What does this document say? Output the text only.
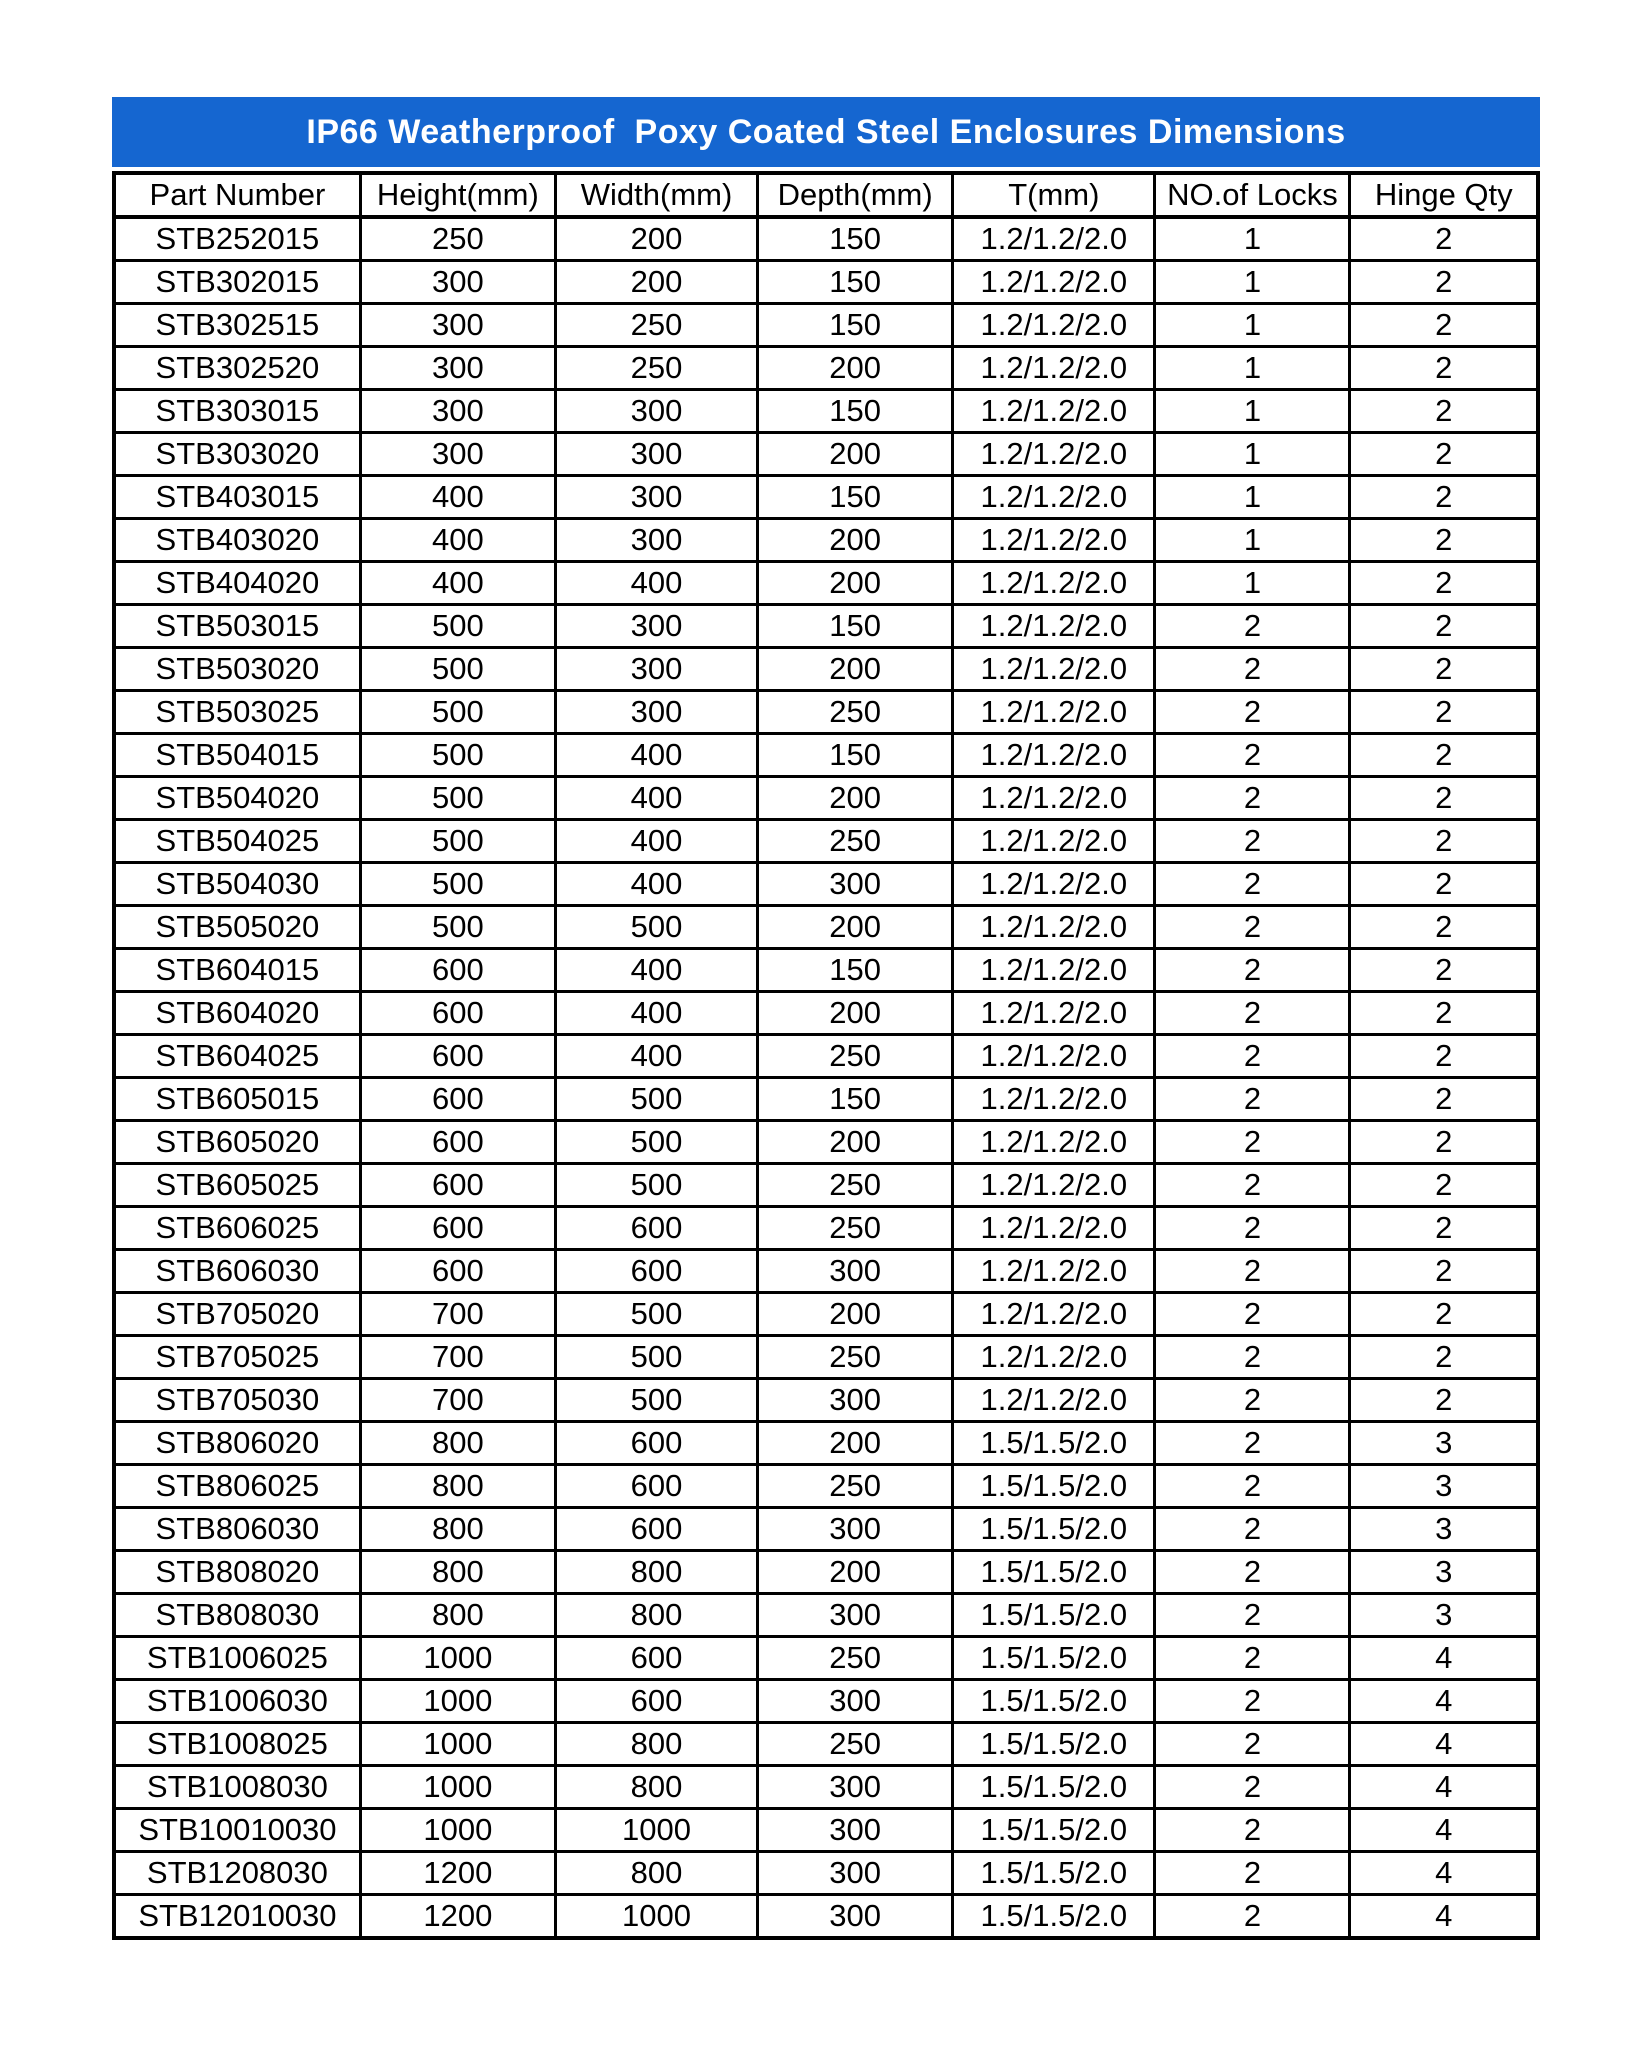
IP66 Weatherproof  Poxy Coated Steel Enclosures Dimensions
Part Number	Height(mm)	Width(mm)	Depth(mm)	T(mm)	NO.of Locks	Hinge Qty
STB252015	250	200	150	1.2/1.2/2.0	1	2
STB302015	300	200	150	1.2/1.2/2.0	1	2
STB302515	300	250	150	1.2/1.2/2.0	1	2
STB302520	300	250	200	1.2/1.2/2.0	1	2
STB303015	300	300	150	1.2/1.2/2.0	1	2
STB303020	300	300	200	1.2/1.2/2.0	1	2
STB403015	400	300	150	1.2/1.2/2.0	1	2
STB403020	400	300	200	1.2/1.2/2.0	1	2
STB404020	400	400	200	1.2/1.2/2.0	1	2
STB503015	500	300	150	1.2/1.2/2.0	2	2
STB503020	500	300	200	1.2/1.2/2.0	2	2
STB503025	500	300	250	1.2/1.2/2.0	2	2
STB504015	500	400	150	1.2/1.2/2.0	2	2
STB504020	500	400	200	1.2/1.2/2.0	2	2
STB504025	500	400	250	1.2/1.2/2.0	2	2
STB504030	500	400	300	1.2/1.2/2.0	2	2
STB505020	500	500	200	1.2/1.2/2.0	2	2
STB604015	600	400	150	1.2/1.2/2.0	2	2
STB604020	600	400	200	1.2/1.2/2.0	2	2
STB604025	600	400	250	1.2/1.2/2.0	2	2
STB605015	600	500	150	1.2/1.2/2.0	2	2
STB605020	600	500	200	1.2/1.2/2.0	2	2
STB605025	600	500	250	1.2/1.2/2.0	2	2
STB606025	600	600	250	1.2/1.2/2.0	2	2
STB606030	600	600	300	1.2/1.2/2.0	2	2
STB705020	700	500	200	1.2/1.2/2.0	2	2
STB705025	700	500	250	1.2/1.2/2.0	2	2
STB705030	700	500	300	1.2/1.2/2.0	2	2
STB806020	800	600	200	1.5/1.5/2.0	2	3
STB806025	800	600	250	1.5/1.5/2.0	2	3
STB806030	800	600	300	1.5/1.5/2.0	2	3
STB808020	800	800	200	1.5/1.5/2.0	2	3
STB808030	800	800	300	1.5/1.5/2.0	2	3
STB1006025	1000	600	250	1.5/1.5/2.0	2	4
STB1006030	1000	600	300	1.5/1.5/2.0	2	4
STB1008025	1000	800	250	1.5/1.5/2.0	2	4
STB1008030	1000	800	300	1.5/1.5/2.0	2	4
STB10010030	1000	1000	300	1.5/1.5/2.0	2	4
STB1208030	1200	800	300	1.5/1.5/2.0	2	4
STB12010030	1200	1000	300	1.5/1.5/2.0	2	4
